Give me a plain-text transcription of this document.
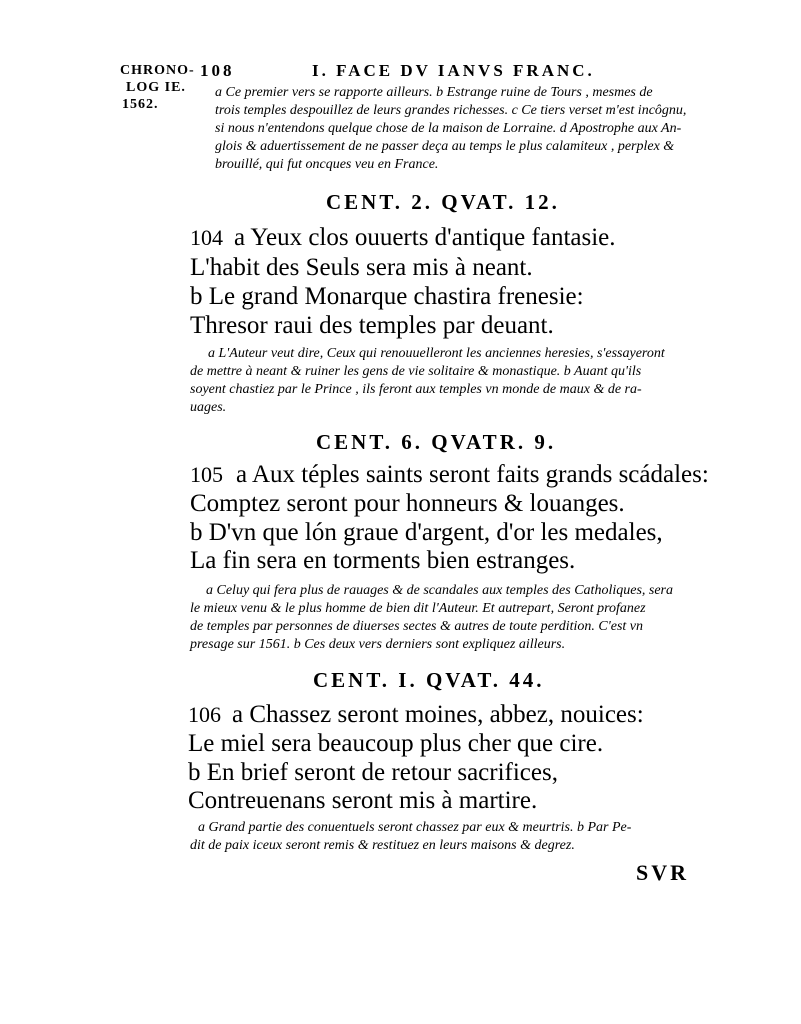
CHRONO-
LOG IE.
1562.
108	I. FACE DV IANVS FRANC.
a Ce premier vers se rapporte ailleurs. b Estrange ruine de Tours , mesmes de
trois temples despouillez de leurs grandes richesses. c Ce tiers verset m'est incôgnu,
si nous n'entendons quelque chose de la maison de Lorraine. d Apostrophe aux An-
glois & aduertissement de ne passer deça au temps le plus calamiteux , perplex &
brouillé, qui fut oncques veu en France.
CENT. 2. QVAT. 12.
104 a Yeux clos ouuerts d'antique fantasie.
L'habit des Seuls sera mis à neant.
b Le grand Monarque chastira frenesie:
Thresor raui des temples par deuant.
a L'Auteur veut dire, Ceux qui renouuelleront les anciennes heresies, s'essayeront
de mettre à neant & ruiner les gens de vie solitaire & monastique. b Auant qu'ils
soyent chastiez par le Prince , ils feront aux temples vn monde de maux & de ra-
uages.
CENT. 6. QVATR. 9.
105 a Aux téples saints seront faits grands scádales:
Comptez seront pour honneurs & louanges.
b D'vn que lón graue d'argent, d'or les medales,
La fin sera en torments bien estranges.
a Celuy qui fera plus de rauages & de scandales aux temples des Catholiques, sera
le mieux venu & le plus homme de bien dit l'Auteur. Et autrepart, Seront profanez
de temples par personnes de diuerses sectes & autres de toute perdition. C'est vn
presage sur 1561. b Ces deux vers derniers sont expliquez ailleurs.
CENT. I. QVAT. 44.
106 a Chassez seront moines, abbez, nouices:
Le miel sera beaucoup plus cher que cire.
b En brief seront de retour sacrifices,
Contreuenans seront mis à martire.
a Grand partie des conuentuels seront chassez par eux & meurtris. b Par Pe-
dit de paix iceux seront remis & restituez en leurs maisons & degrez.
SVR
